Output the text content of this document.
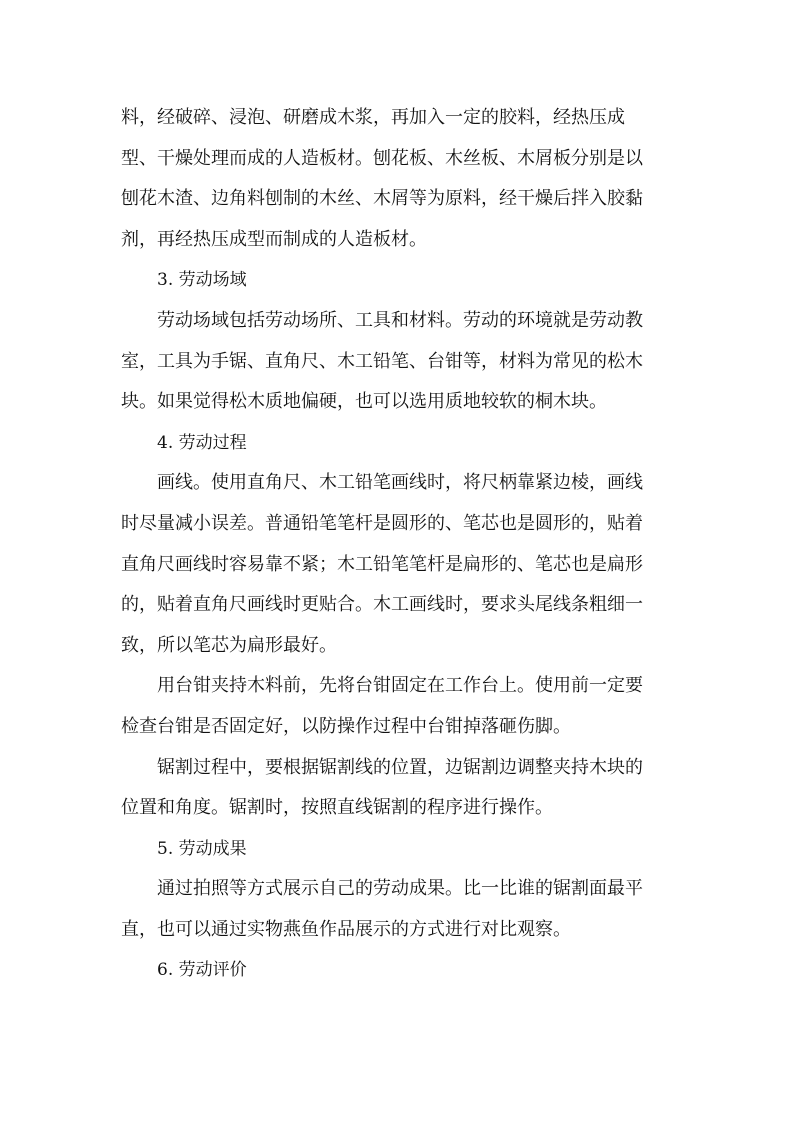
料，经破碎、浸泡、研磨成木浆，再加入一定的胶料，经热压成
型、干燥处理而成的人造板材。刨花板、木丝板、木屑板分别是以
刨花木渣、边角料刨制的木丝、木屑等为原料，经干燥后拌入胶黏
剂，再经热压成型而制成的人造板材。
3. 劳动场域
劳动场域包括劳动场所、工具和材料。劳动的环境就是劳动教
室，工具为手锯、直角尺、木工铅笔、台钳等，材料为常见的松木
块。如果觉得松木质地偏硬，也可以选用质地较软的桐木块。
4. 劳动过程
画线。使用直角尺、木工铅笔画线时，将尺柄靠紧边棱，画线
时尽量减小误差。普通铅笔笔杆是圆形的、笔芯也是圆形的，贴着
直角尺画线时容易靠不紧；木工铅笔笔杆是扁形的、笔芯也是扁形
的，贴着直角尺画线时更贴合。木工画线时，要求头尾线条粗细一
致，所以笔芯为扁形最好。
用台钳夹持木料前，先将台钳固定在工作台上。使用前一定要
检查台钳是否固定好，以防操作过程中台钳掉落砸伤脚。
锯割过程中，要根据锯割线的位置，边锯割边调整夹持木块的
位置和角度。锯割时，按照直线锯割的程序进行操作。
5. 劳动成果
通过拍照等方式展示自己的劳动成果。比一比谁的锯割面最平
直，也可以通过实物燕鱼作品展示的方式进行对比观察。
6. 劳动评价
